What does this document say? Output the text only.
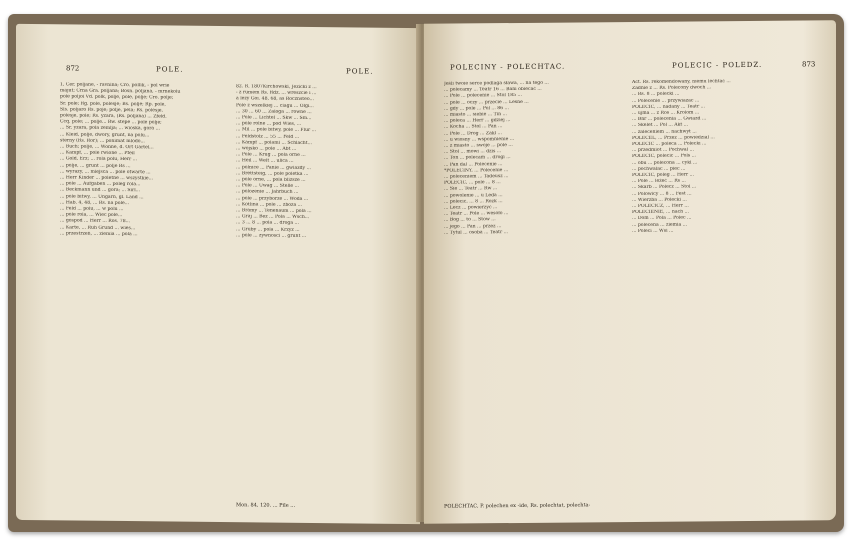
872	POLE.	POLE.
1, Cer. poljane, - ravnina; Cro. pollik, - pol wrie
majut; Crna Gra. poljana; Bosn. poljana, - mrnekolu
pole poljoi Vd. polk, polje, pole, polje; Cro. polje;
Sr. pole; Rg. pole, polesje; Bs. polje; Rp. pole,
Sls. poljaro Rs. poje; polje, pela; Rs. polesje,
polesje, pole; Rs. yzara, (Rs. poljana) ... Zfeld.
Ccq. pole; ... polje... Rw. stepe ... pole polje;
... Sr. yzara, pola zemlja; ... wioska, gora ...
... Kleid, polje, dwory, grunt, na polu...
sterny (Rs. Ror); ... ponimat mlodo...
... Buch; polje, ... Wonne, d. Ort Gartel...
... Kampf, ... pole rwione ... Pfeil
... Gold, Erz; ... rola polu, Herr ...
... polje, ... grunt ... polje Rs ...
... wyrazy, ... miejsca ... pole otwarte ...
... Herr Kinder ... poletne ... wszystkie...
... pole ... Aufgaben ... poleg rola...
... Beckmann und ... gora; ... Sirl...
... pole bitwy, ... Ungarn, gl. Land ...
... Hab. 4, 48, ... Rs. na pole...
... Feld ... polu, ... w polu ...
... pole rola, ... Wiec pole...
... gospod ... Herr ... Ros. 78...
... Karte, ... Ruh Grund ... wies...
... przestrzeń, ... ziemia ... pola ...
82. R. 1807Kirchowski, Jezicki z ...
- z rumem Rs. Rdz. ... wreszcie i ...
a lezy Goi. 48, 68, as Rocznsteo...
Pole z wszelkiej ... ciagu ... Olgi...
... 30 ... 60 ... Zaloga ... rowne ...
... Pole ... Lichtel ... Skw ... Sm...
... pole rolne ... pod Wies, ...
... Mil ... pole bitwy, pole ... Flur ...
... Feldstolz ... 55 ... Feld ...
... Kampf ... polami ... Schlacht...
... wojsko ... pole ... Abt ...
... Pole ... Krug ... pola orne ...
... Heil ... Welt ... ulica ...
... polnice ... Panie ... gwiazdy ...
... Brettsteig, ... pole poletka ...
... pole orne, ... pola blizsze ...
... Pole ... Uwag ... Stelle ...
... polozenie ... Jahrbuch ...
... pole ... przyborze ... Woda ...
... Kotlina ... pole ... zboza ...
... Bramy ... Tenenaum ... pola ...
... Graj ... Bez ... Pola ... Wsch...
... 3 ... 8 ... pola ... droga ...
... Gruby ... pola ... Krzyz ...
... pole ... zywnosci ... grunt ...
Mon. 84, 120. ... Pile ...
POLECINY - POLECHTAC.	POLECIC - POLEDZ.	873
Jeśli twoie serce podlaga sława, ... na tego ...
... polecamy ... Teatr 16 ... Bani obiecać ...
... Pole ... polecenie ... Stol 185 ...
... pole ... oczy ... przecie ... Leśne ...
... gdy ... pole ... Pol ... 86 ...
... miasto ... siebie ... Tin ...
... poleca ... Herr ... gdziej ...
... Kocha ... Stol ... Pan ...
... Pole ... Drog ... Zakl ...
... u wiosny ... wspomnienie ...
... z miasto ... swoje ... pole ...
... Stol ... mowi ... dzis ...
... Ton ... polecam ... drogi ...
... Pan dal ... Polecenie ...
*POLECINY, ... Polecenie ...
... poleceniem ... Tadeusz ...
POLECIC, ... pole ... 8 ...
... Sie ... Teatr ... Rw ...
... powolenie ... u Leda ...
... polecić, ... 8 ... Rozk ...
... Lecz ... powierzyć ...
... Teatr ... Pole ... wesoło ...
... Bog ... to ... Stow ...
... jego ... Pan ... przez ...
... Tytul ... osoba ... Teatr ...
Act. Rs. rekomendowany, niemu lechtać ...
Zadnie z ... Rs. Polecony dwoch ...
... Rs. 8 ... polecki ...
... Polecenie ... przywiazac ...
POLECIC, ... nadany ... Teatr ...
... ujma ... z Ros ... Krolom ...
... Bnr ... polecenia ... Gwiazd ...
... Skelet ... Pol ... Akt ...
... zaleceniem ... nachwyt ...
POLECEL, ... Przez ... powiedzial ...
POLECIC ... poleca ... Polecki ...
... przedmiot ... Pochwal ...
POLECIC, polecic ... Pols ...
... obu ... polecona ... cykl ...
... pochwalac ... piec ...
POLECIC, poleg ... Herr ...
... Pole ... leżeć ... Rs ...
... Skarb ... Polecz ... Stol ...
... Polowicy ... 8 ... Fest ...
... Wierzba ... Polecki ...
... POLECICZ, ... Herr ...
POLECIENIE, ... nach ...
... Dom ... Pola ... Polec ...
... polecena ... ziemia ...
... Poleci ... Wsi ...
POLECHTAC, P. polechen ex -ide, Rs. polechtat, polechta-
